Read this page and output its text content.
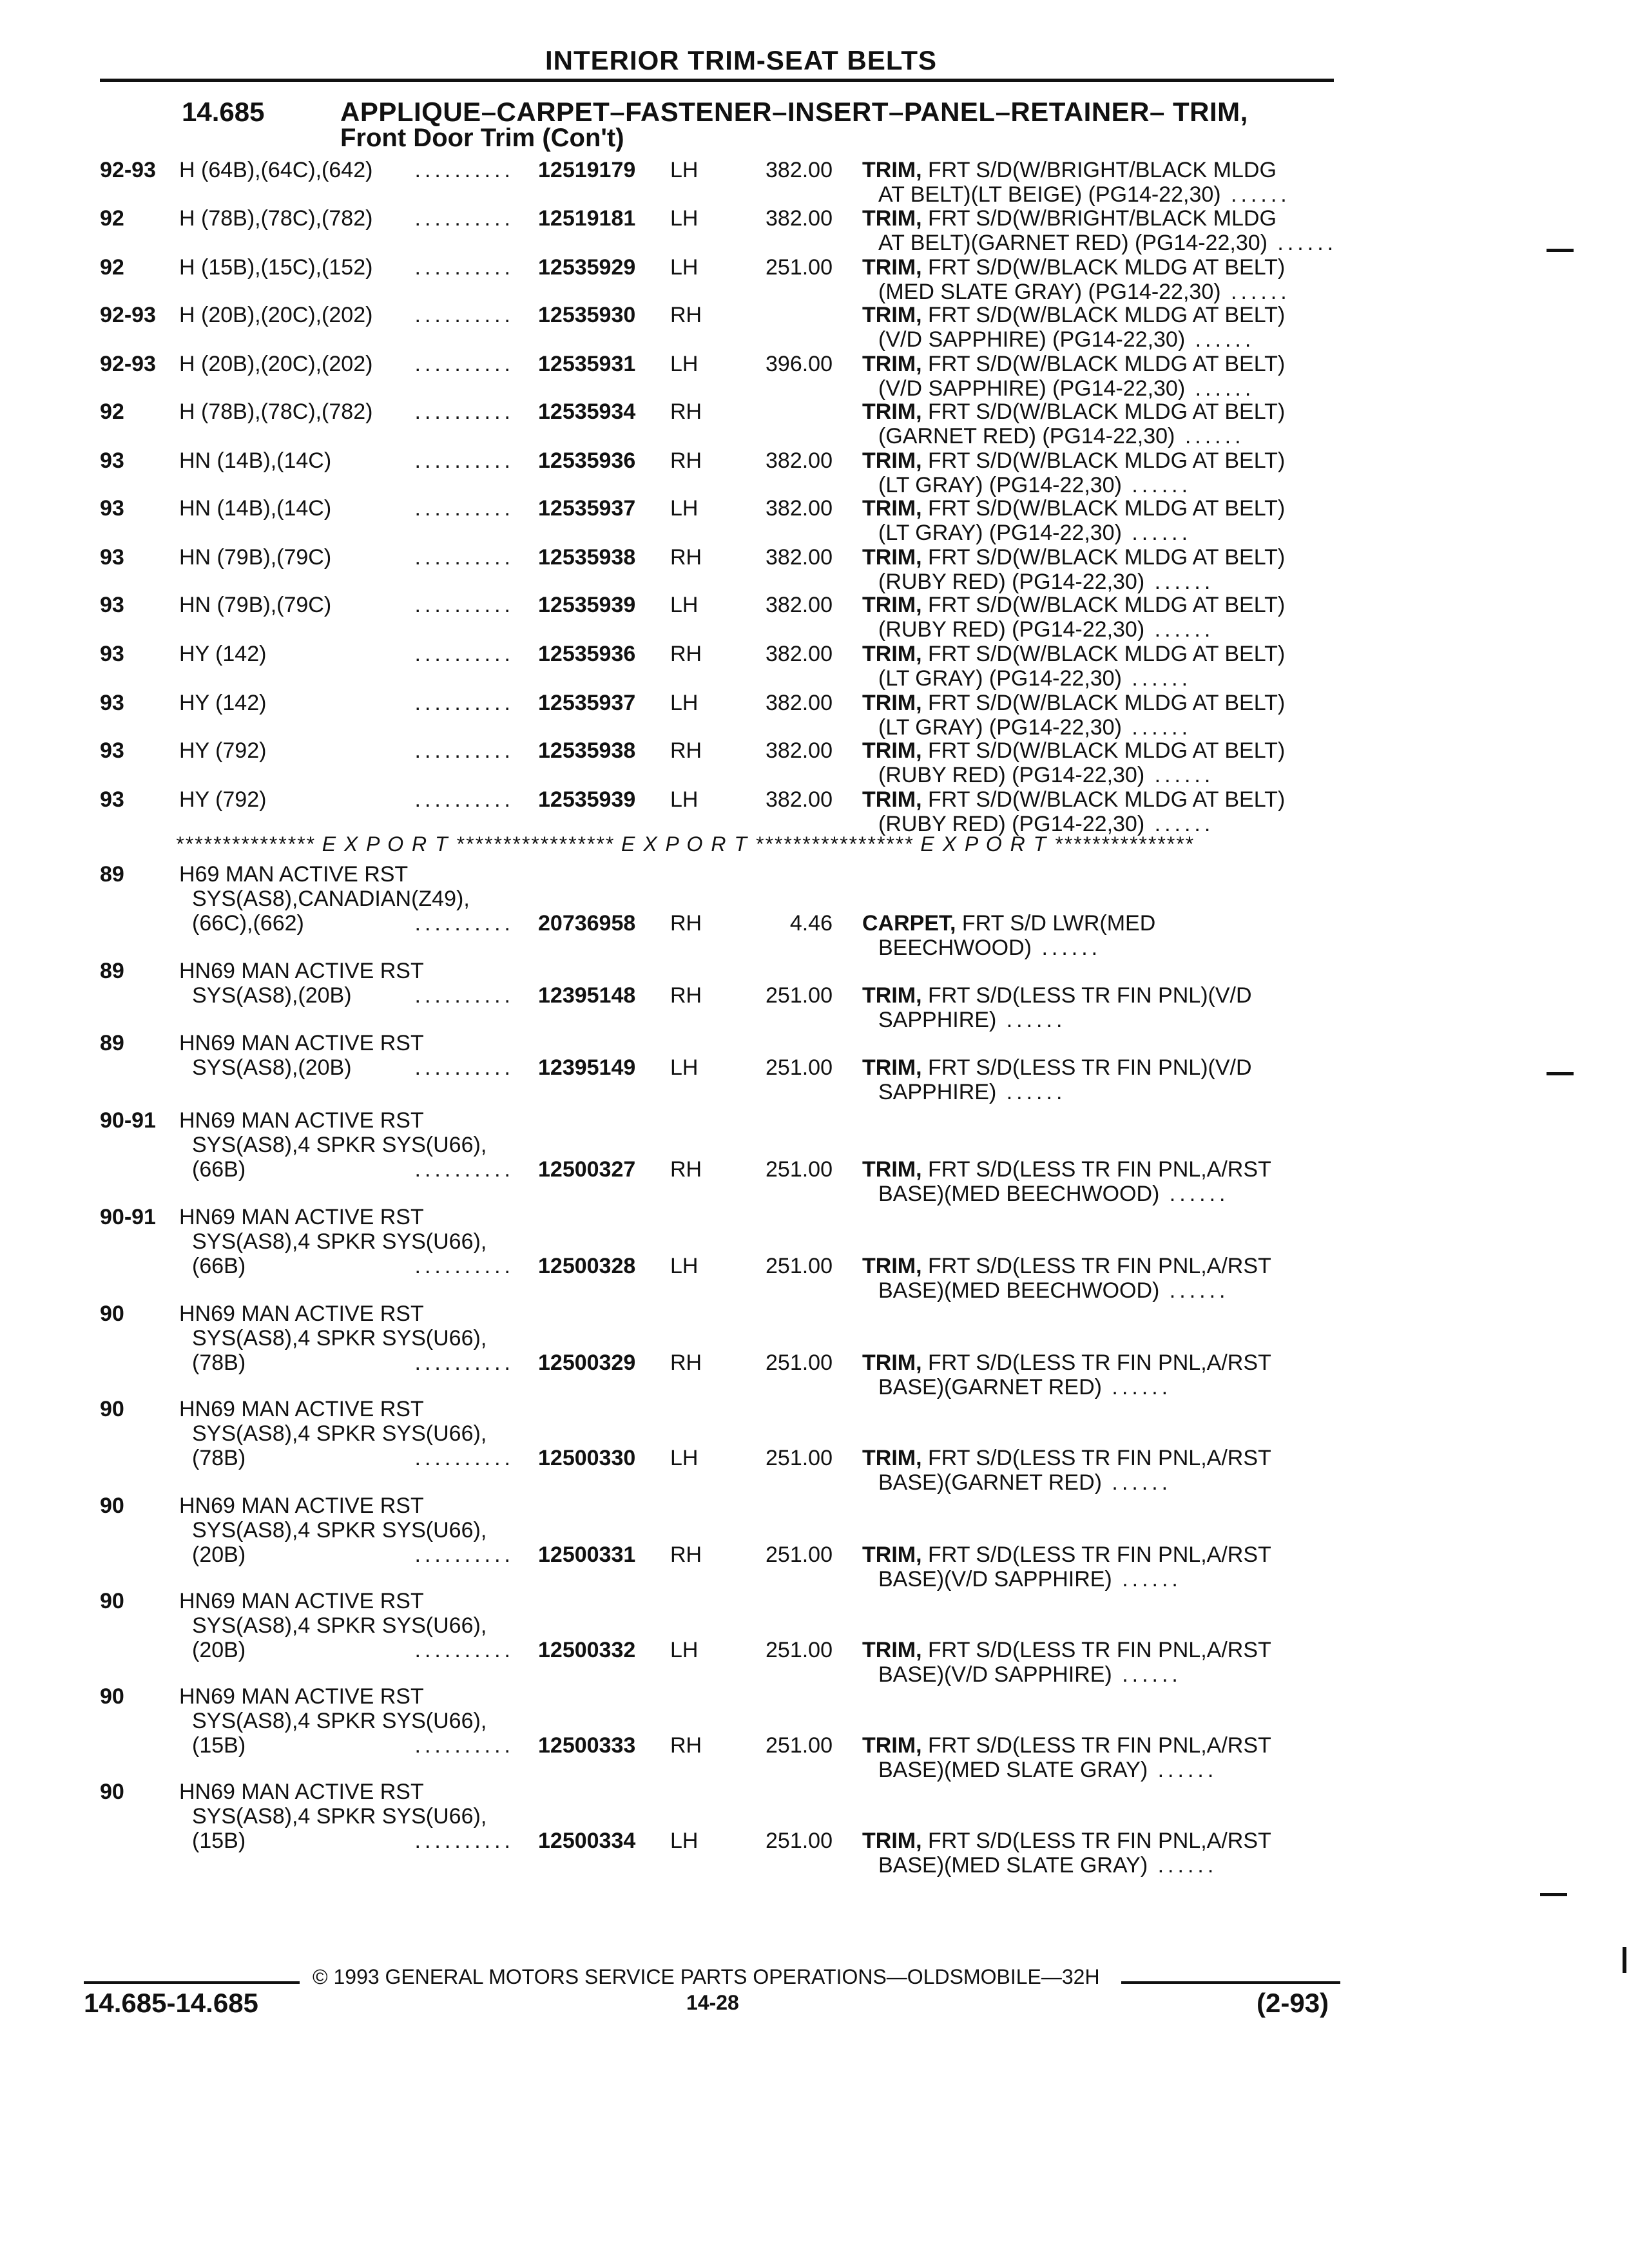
INTERIOR TRIM-SEAT BELTS
14.685	APPLIQUE–CARPET–FASTENER–INSERT–PANEL–RETAINER– TRIM,
Front Door Trim (Con't)
92-93 H (64B),(64C),(642)	.......... 12519179 LH	382.00 TRIM, FRT S/D(W/BRIGHT/BLACK MLDG
AT BELT)(LT BEIGE) (PG14-22,30) ......
92	H (78B),(78C),(782)	.......... 12519181 LH	382.00 TRIM, FRT S/D(W/BRIGHT/BLACK MLDG
AT BELT)(GARNET RED) (PG14-22,30) ......
92	H (15B),(15C),(152)	.......... 12535929 LH	251.00 TRIM, FRT S/D(W/BLACK MLDG AT BELT)
(MED SLATE GRAY) (PG14-22,30) ......
92-93 H (20B),(20C),(202)	.......... 12535930 RH	TRIM, FRT S/D(W/BLACK MLDG AT BELT)
(V/D SAPPHIRE) (PG14-22,30) ......
92-93 H (20B),(20C),(202)	.......... 12535931 LH	396.00 TRIM, FRT S/D(W/BLACK MLDG AT BELT)
(V/D SAPPHIRE) (PG14-22,30) ......
92	H (78B),(78C),(782)	.......... 12535934 RH	TRIM, FRT S/D(W/BLACK MLDG AT BELT)
(GARNET RED) (PG14-22,30) ......
93	HN (14B),(14C)	.......... 12535936 RH	382.00 TRIM, FRT S/D(W/BLACK MLDG AT BELT)
(LT GRAY) (PG14-22,30) ......
93	HN (14B),(14C)	.......... 12535937 LH	382.00 TRIM, FRT S/D(W/BLACK MLDG AT BELT)
(LT GRAY) (PG14-22,30) ......
93	HN (79B),(79C)	.......... 12535938 RH	382.00 TRIM, FRT S/D(W/BLACK MLDG AT BELT)
(RUBY RED) (PG14-22,30) ......
93	HN (79B),(79C)	.......... 12535939 LH	382.00 TRIM, FRT S/D(W/BLACK MLDG AT BELT)
(RUBY RED) (PG14-22,30) ......
93	HY (142)	.......... 12535936 RH	382.00 TRIM, FRT S/D(W/BLACK MLDG AT BELT)
(LT GRAY) (PG14-22,30) ......
93	HY (142)	.......... 12535937 LH	382.00 TRIM, FRT S/D(W/BLACK MLDG AT BELT)
(LT GRAY) (PG14-22,30) ......
93	HY (792)	.......... 12535938 RH	382.00 TRIM, FRT S/D(W/BLACK MLDG AT BELT)
(RUBY RED) (PG14-22,30) ......
93	HY (792)	.......... 12535939 LH	382.00 TRIM, FRT S/D(W/BLACK MLDG AT BELT)
(RUBY RED) (PG14-22,30) ......
89	H69 MAN ACTIVE RST
SYS(AS8),CANADIAN(Z49),
(66C),(662)	.......... 20736958 RH	4.46 CARPET, FRT S/D LWR(MED
BEECHWOOD) ......
89	HN69 MAN ACTIVE RST
SYS(AS8),(20B)	.......... 12395148 RH	251.00 TRIM, FRT S/D(LESS TR FIN PNL)(V/D
SAPPHIRE) ......
89	HN69 MAN ACTIVE RST
SYS(AS8),(20B)	.......... 12395149 LH	251.00 TRIM, FRT S/D(LESS TR FIN PNL)(V/D
SAPPHIRE) ......
90-91 HN69 MAN ACTIVE RST
SYS(AS8),4 SPKR SYS(U66),
(66B)	.......... 12500327 RH	251.00 TRIM, FRT S/D(LESS TR FIN PNL,A/RST
BASE)(MED BEECHWOOD) ......
90-91 HN69 MAN ACTIVE RST
SYS(AS8),4 SPKR SYS(U66),
(66B)	.......... 12500328 LH	251.00 TRIM, FRT S/D(LESS TR FIN PNL,A/RST
BASE)(MED BEECHWOOD) ......
90	HN69 MAN ACTIVE RST
SYS(AS8),4 SPKR SYS(U66),
(78B)	.......... 12500329 RH	251.00 TRIM, FRT S/D(LESS TR FIN PNL,A/RST
BASE)(GARNET RED) ......
90	HN69 MAN ACTIVE RST
SYS(AS8),4 SPKR SYS(U66),
(78B)	.......... 12500330 LH	251.00 TRIM, FRT S/D(LESS TR FIN PNL,A/RST
BASE)(GARNET RED) ......
90	HN69 MAN ACTIVE RST
SYS(AS8),4 SPKR SYS(U66),
(20B)	.......... 12500331 RH	251.00 TRIM, FRT S/D(LESS TR FIN PNL,A/RST
BASE)(V/D SAPPHIRE) ......
90	HN69 MAN ACTIVE RST
SYS(AS8),4 SPKR SYS(U66),
(20B)	.......... 12500332 LH	251.00 TRIM, FRT S/D(LESS TR FIN PNL,A/RST
BASE)(V/D SAPPHIRE) ......
90	HN69 MAN ACTIVE RST
SYS(AS8),4 SPKR SYS(U66),
(15B)	.......... 12500333 RH	251.00 TRIM, FRT S/D(LESS TR FIN PNL,A/RST
BASE)(MED SLATE GRAY) ......
90	HN69 MAN ACTIVE RST
SYS(AS8),4 SPKR SYS(U66),
(15B)	.......... 12500334 LH	251.00 TRIM, FRT S/D(LESS TR FIN PNL,A/RST
BASE)(MED SLATE GRAY) ......
*************** E X P O R T ***************** E X P O R T ***************** E X P O R T ***************
© 1993 GENERAL MOTORS SERVICE PARTS OPERATIONS—OLDSMOBILE—32H
14.685-14.685	14-28	(2-93)
